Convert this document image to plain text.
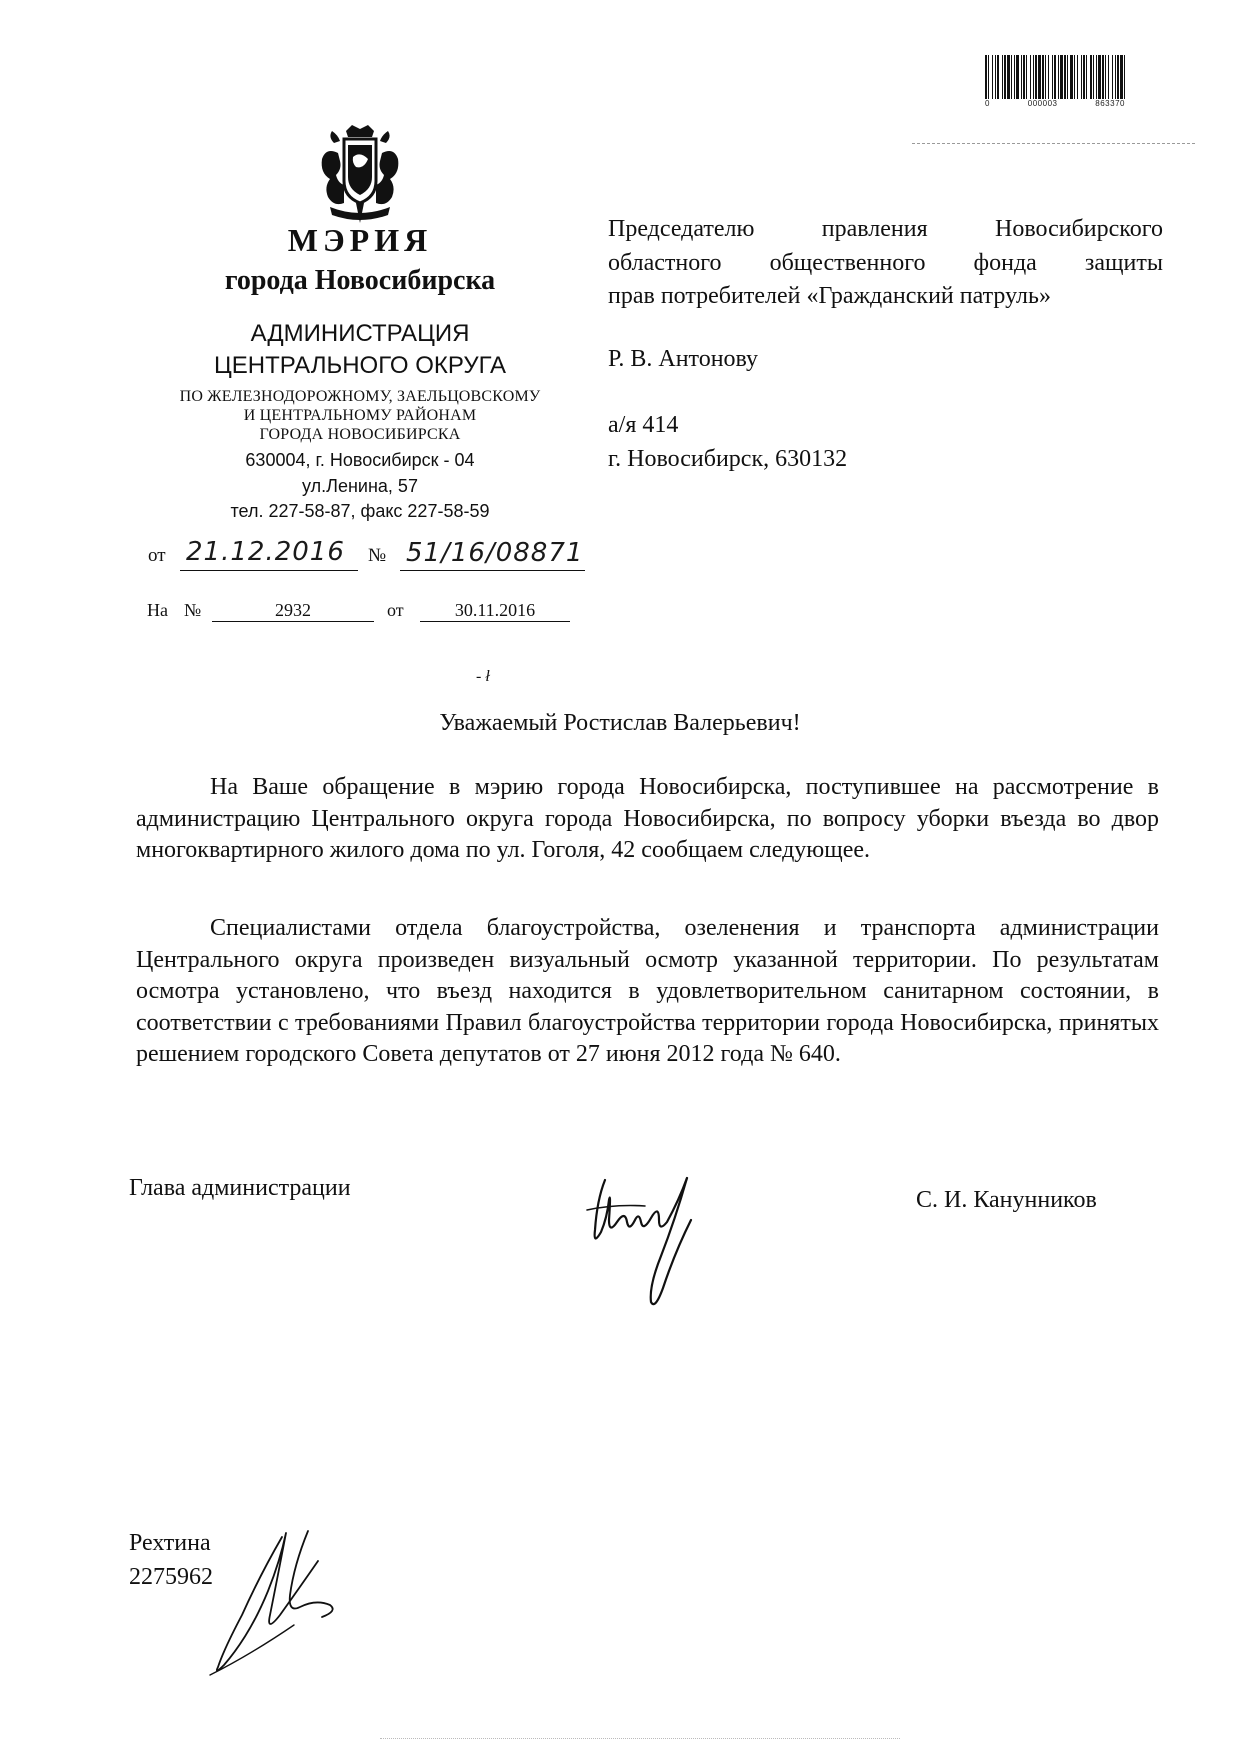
0	000003	863370
МЭРИЯ
города Новосибирска
АДМИНИСТРАЦИЯ
ЦЕНТРАЛЬНОГО ОКРУГА
ПО ЖЕЛЕЗНОДОРОЖНОМУ, ЗАЕЛЬЦОВСКОМУ
И ЦЕНТРАЛЬНОМУ РАЙОНАМ
ГОРОДА НОВОСИБИРСКА
630004, г. Новосибирск - 04
ул.Ленина, 57
тел. 227-58-87, факс 227-58-59
от 21.12.2016 № 51/16/08871
На №	2932	от	30.11.2016
Председателю правления Новосибирского
областного общественного фонда защиты
прав потребителей «Гражданский патруль»
Р. В. Антонову
а/я 414
г. Новосибирск, 630132
- ł
Уважаемый Ростислав Валерьевич!

На Ваше обращение в мэрию города Новосибирска, поступившее на рассмотрение в администрацию Центрального округа города Новосибирска, по вопросу уборки въезда во двор многоквартирного жилого дома по ул. Гоголя, 42 сообщаем следующее.

Специалистами отдела благоустройства, озеленения и транспорта администрации Центрального округа произведен визуальный осмотр указанной территории. По результатам осмотра установлено, что въезд находится в удовлетворительном санитарном состоянии, в соответствии с требованиями Правил благоустройства территории города Новосибирска, принятых решением городского Совета депутатов от 27 июня 2012 года № 640.

Глава администрации	С. И. Канунников
Рехтина
2275962
